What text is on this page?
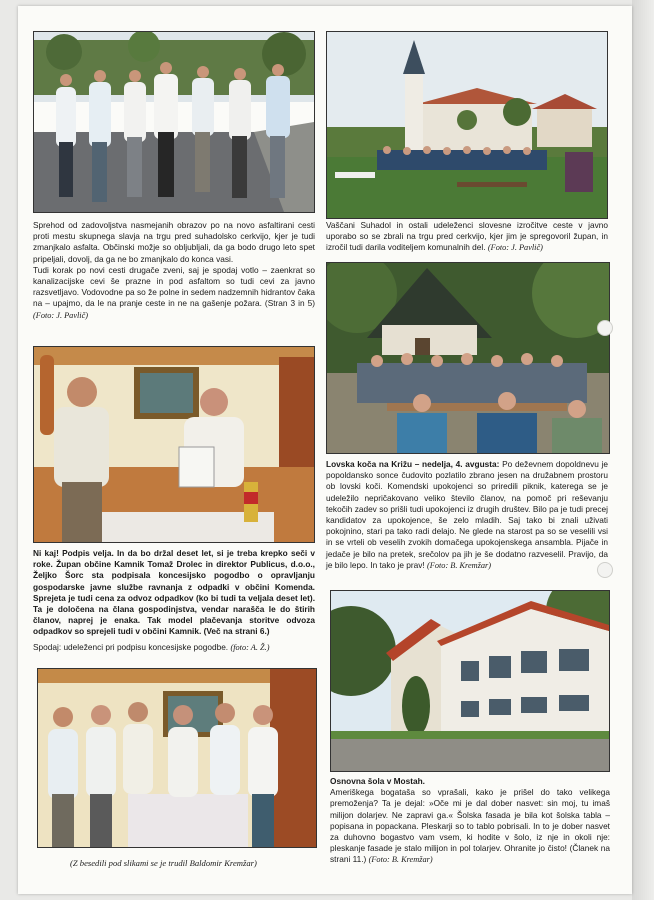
Sprehod od zadovoljstva nasmejanih obrazov po na novo asfaltirani cesti proti mestu skupnega slavja na trgu pred suhadolsko cerkvijo, kjer je tudi zmanjkalo asfalta. Občinski možje so obljubljali, da ga bodo drugo leto spet pripeljali, dovolj, da ga ne bo zmanjkalo do konca vasi.

Tudi korak po novi cesti drugače zveni, saj je spodaj votlo – zaenkrat so kanalizacijske cevi še prazne in pod asfaltom so tudi cevi za javno razsvetljavo. Vodovodne pa so že polne in sedem nadzemnih hidrantov čaka na – upajmo, da le na pranje ceste in ne na gašenje požara. (Stran 3 in 5) (Foto: J. Pavlič)

Vaščani Suhadol in ostali udeleženci slovesne izročitve ceste v javno uporabo so se zbrali na trgu pred cerkvijo, kjer jim je spregovoril župan, in izročil tudi darila voditeljem komunalnih del. (Foto: J. Pavlič)

Ni kaj! Podpis velja. In da bo držal deset let, si je treba krepko seči v roke. Župan občine Kamnik Tomaž Drolec in direktor Publicus, d.o.o., Željko Šorc sta podpisala koncesijsko pogodbo o opravljanju gospodarske javne službe ravnanja z odpadki v občini Komenda. Sprejeta je tudi cena za odvoz odpadkov (ko bi tudi ta veljala deset let). Ta je določena na člana gospodinjstva, vendar narašča le do štirih članov, naprej je enaka. Tak model plačevanja storitve odvoza odpadkov so sprejeli tudi v občini Kamnik. (Več na strani 6.)

Spodaj: udeleženci pri podpisu koncesijske pogodbe. (foto: A. Ž.)

(Z besedili pod slikami se je trudil Baldomir Kremžar)

Lovska koča na Križu – nedelja, 4. avgusta: Po deževnem dopoldnevu je popoldansko sonce čudovito pozlatilo zbrano jesen na družabnem prostoru ob lovski koči. Komendski upokojenci so priredili piknik, katerega se je udeležilo nepričakovano veliko število članov, na pomoč pri reševanju tekočih zadev so prišli tudi upokojenci iz drugih društev. Bilo pa je tudi precej kandidatov za upokojence, še zelo mladih. Saj tako bi znali uživati pokojnino, stari pa tako radi delajo. Ne glede na starost pa so se veselili vsi in se vrteli ob veselih zvokih domačega upokojenskega ansambla. Pijače in jedače je bilo na pretek, srečolov pa jih je še dodatno razveselil. Pravijo, da je bilo lepo. In tako je prav! (Foto: B. Kremžar)

Osnovna šola v Mostah.

Ameriškega bogataša so vprašali, kako je prišel do tako velikega premoženja? Ta je dejal: »Oče mi je dal dober nasvet: sin moj, tu imaš milijon dolarjev. Ne zapravi ga.« Šolska fasada je bila kot šolska tabla – popisana in popackana. Pleskarji so to tablo pobrisali. In to je dober nasvet za duhovno bogastvo vam vsem, ki hodite v šolo, iz nje in okoli nje: pleskanje fasade je stalo milijon in pol tolarjev. Ohranite jo čisto! (Članek na strani 11.) (Foto: B. Kremžar)
